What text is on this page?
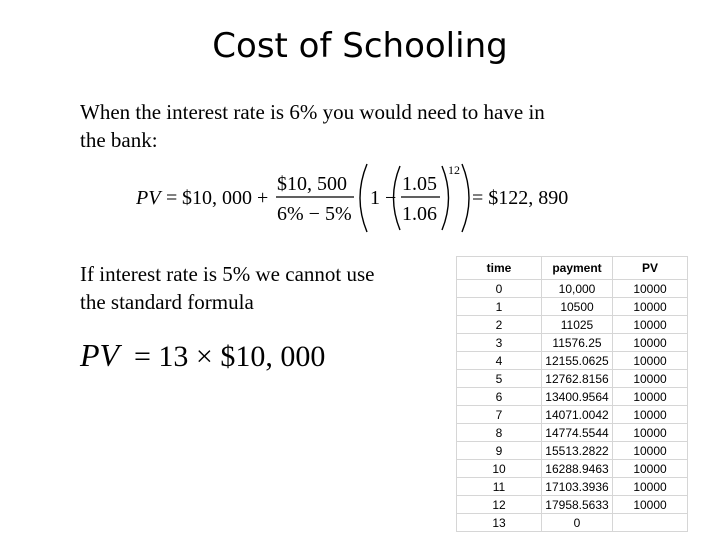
Cost of Schooling
When the interest rate is 6% you would need to have in the bank:
PV = $10, 000 +
$10, 500
6% − 5%
1 −
1.05
1.06
12
= $122, 890
If interest rate is 5% we cannot use the standard formula
PV = 13 × $10, 000
time	payment	PV
0	10,000	10000
1	10500	10000
2	11025	10000
3	11576.25	10000
4	12155.0625	10000
5	12762.8156	10000
6	13400.9564	10000
7	14071.0042	10000
8	14774.5544	10000
9	15513.2822	10000
10	16288.9463	10000
11	17103.3936	10000
12	17958.5633	10000
13	0	
